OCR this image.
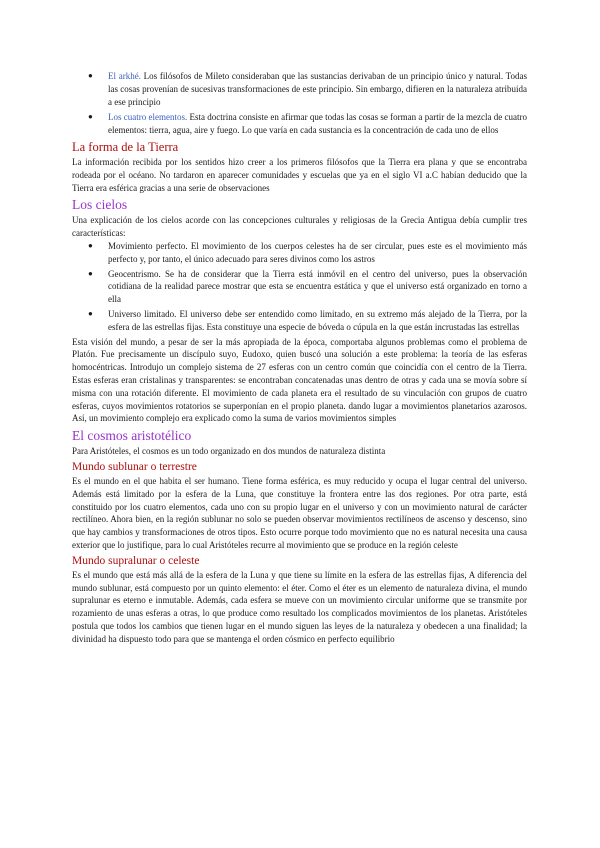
● El arkhé. Los filósofos de Mileto consideraban que las sustancias derivaban de un principio único y natural. Todas las cosas provenían de sucesivas transformaciones de este principio. Sin embargo, difieren en la naturaleza atribuida a ese principio
● Los cuatro elementos. Esta doctrina consiste en afirmar que todas las cosas se forman a partir de la mezcla de cuatro elementos: tierra, agua, aire y fuego. Lo que varía en cada sustancia es la concentración de cada uno de ellos
La forma de la Tierra

La información recibida por los sentidos hizo creer a los primeros filósofos que la Tierra era plana y que se encontraba rodeada por el océano. No tardaron en aparecer comunidades y escuelas que ya en el siglo VI a.C habían deducido que la Tierra era esférica gracias a una serie de observaciones

Los cielos

Una explicación de los cielos acorde con las concepciones culturales y religiosas de la Grecia Antigua debía cumplir tres características:

● Movimiento perfecto. El movimiento de los cuerpos celestes ha de ser circular, pues este es el movimiento más perfecto y, por tanto, el único adecuado para seres divinos como los astros
● Geocentrismo. Se ha de considerar que la Tierra está inmóvil en el centro del universo, pues la observación cotidiana de la realidad parece mostrar que esta se encuentra estática y que el universo está organizado en torno a ella
● Universo limitado. El universo debe ser entendido como limitado, en su extremo más alejado de la Tierra, por la esfera de las estrellas fijas. Esta constituye una especie de bóveda o cúpula en la que están incrustadas las estrellas

Esta visión del mundo, a pesar de ser la más apropiada de la época, comportaba algunos problemas como el problema de Platón. Fue precisamente un discípulo suyo, Eudoxo, quien buscó una solución a este problema: la teoría de las esferas homocéntricas. Introdujo un complejo sistema de 27 esferas con un centro común que coincidía con el centro de la Tierra. Estas esferas eran cristalinas y transparentes: se encontraban concatenadas unas dentro de otras y cada una se movía sobre sí misma con una rotación diferente. El movimiento de cada planeta era el resultado de su vinculación con grupos de cuatro esferas, cuyos movimientos rotatorios se superponían en el propio planeta. dando lugar a movimientos planetarios azarosos. Así, un movimiento complejo era explicado como la suma de varios movimientos simples

El cosmos aristotélico

Para Aristóteles, el cosmos es un todo organizado en dos mundos de naturaleza distinta

Mundo sublunar o terrestre

Es el mundo en el que habita el ser humano. Tiene forma esférica, es muy reducido y ocupa el lugar central del universo. Además está limitado por la esfera de la Luna, que constituye la frontera entre las dos regiones. Por otra parte, está constituido por los cuatro elementos, cada uno con su propio lugar en el universo y con un movimiento natural de carácter rectilíneo. Ahora bien, en la región sublunar no solo se pueden observar movimientos rectilíneos de ascenso y descenso, sino que hay cambios y transformaciones de otros tipos. Esto ocurre porque todo movimiento que no es natural necesita una causa exterior que lo justifique, para lo cual Aristóteles recurre al movimiento que se produce en la región celeste

Mundo supralunar o celeste

Es el mundo que está más allá de la esfera de la Luna y que tiene su límite en la esfera de las estrellas fijas, A diferencia del mundo sublunar, está compuesto por un quinto elemento: el éter. Como el éter es un elemento de naturaleza divina, el mundo supralunar es eterno e inmutable. Además, cada esfera se mueve con un movimiento circular uniforme que se transmite por rozamiento de unas esferas a otras, lo que produce como resultado los complicados movimientos de los planetas. Aristóteles postula que todos los cambios que tienen lugar en el mundo siguen las leyes de la naturaleza y obedecen a una finalidad; la divinidad ha dispuesto todo para que se mantenga el orden cósmico en perfecto equilibrio
